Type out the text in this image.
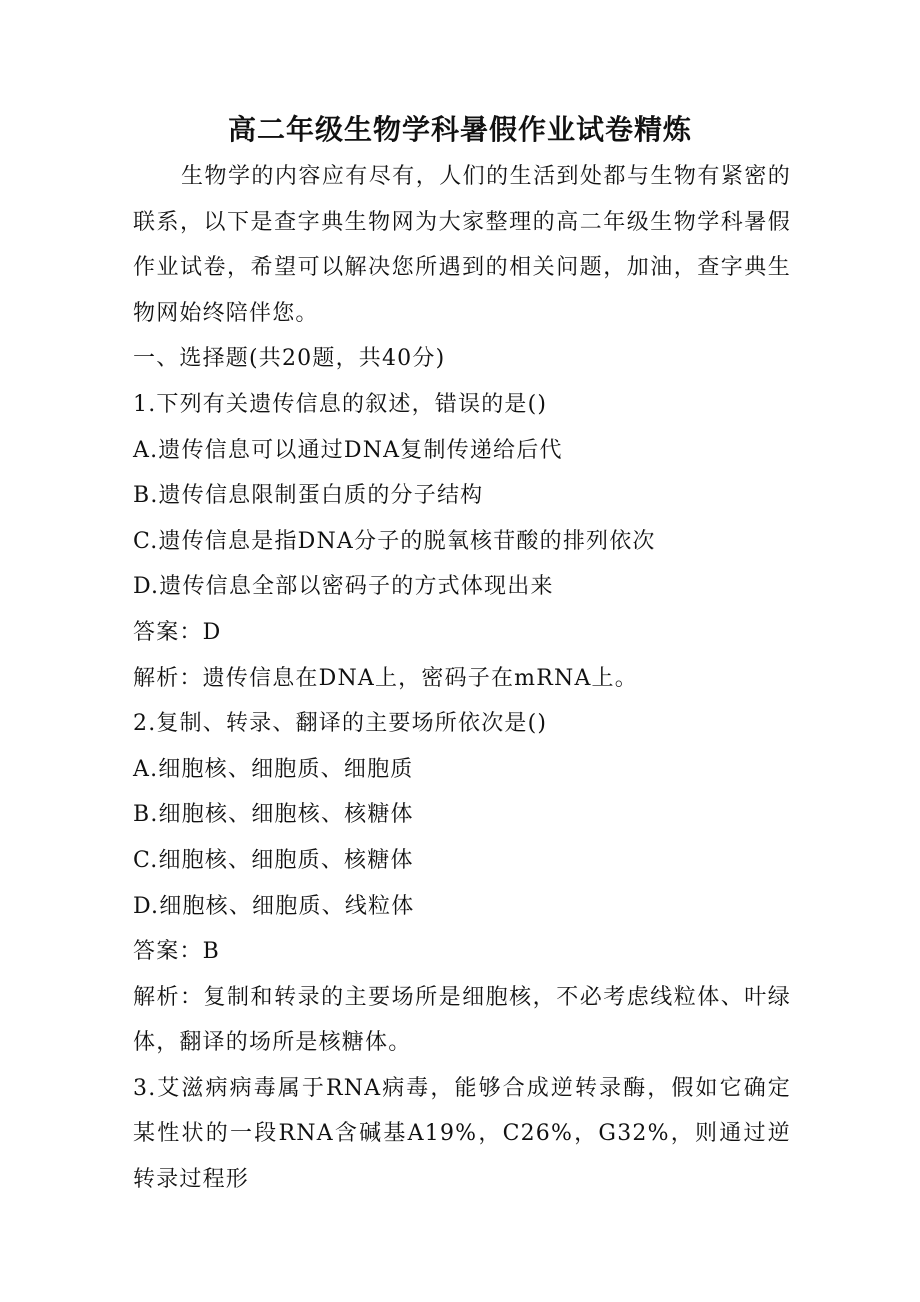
高二年级生物学科暑假作业试卷精炼

生物学的内容应有尽有，人们的生活到处都与生物有紧密的联系，以下是查字典生物网为大家整理的高二年级生物学科暑假作业试卷，希望可以解决您所遇到的相关问题，加油，查字典生物网始终陪伴您。

一、选择题(共20题，共40分)

1.下列有关遗传信息的叙述，错误的是()

A.遗传信息可以通过DNA复制传递给后代

B.遗传信息限制蛋白质的分子结构

C.遗传信息是指DNA分子的脱氧核苷酸的排列依次

D.遗传信息全部以密码子的方式体现出来

答案：D

解析：遗传信息在DNA上，密码子在mRNA上。

2.复制、转录、翻译的主要场所依次是()

A.细胞核、细胞质、细胞质

B.细胞核、细胞核、核糖体

C.细胞核、细胞质、核糖体

D.细胞核、细胞质、线粒体

答案：B

解析：复制和转录的主要场所是细胞核，不必考虑线粒体、叶绿体，翻译的场所是核糖体。

3.艾滋病病毒属于RNA病毒，能够合成逆转录酶，假如它确定某性状的一段RNA含碱基A19%，C26%，G32%，则通过逆转录过程形
